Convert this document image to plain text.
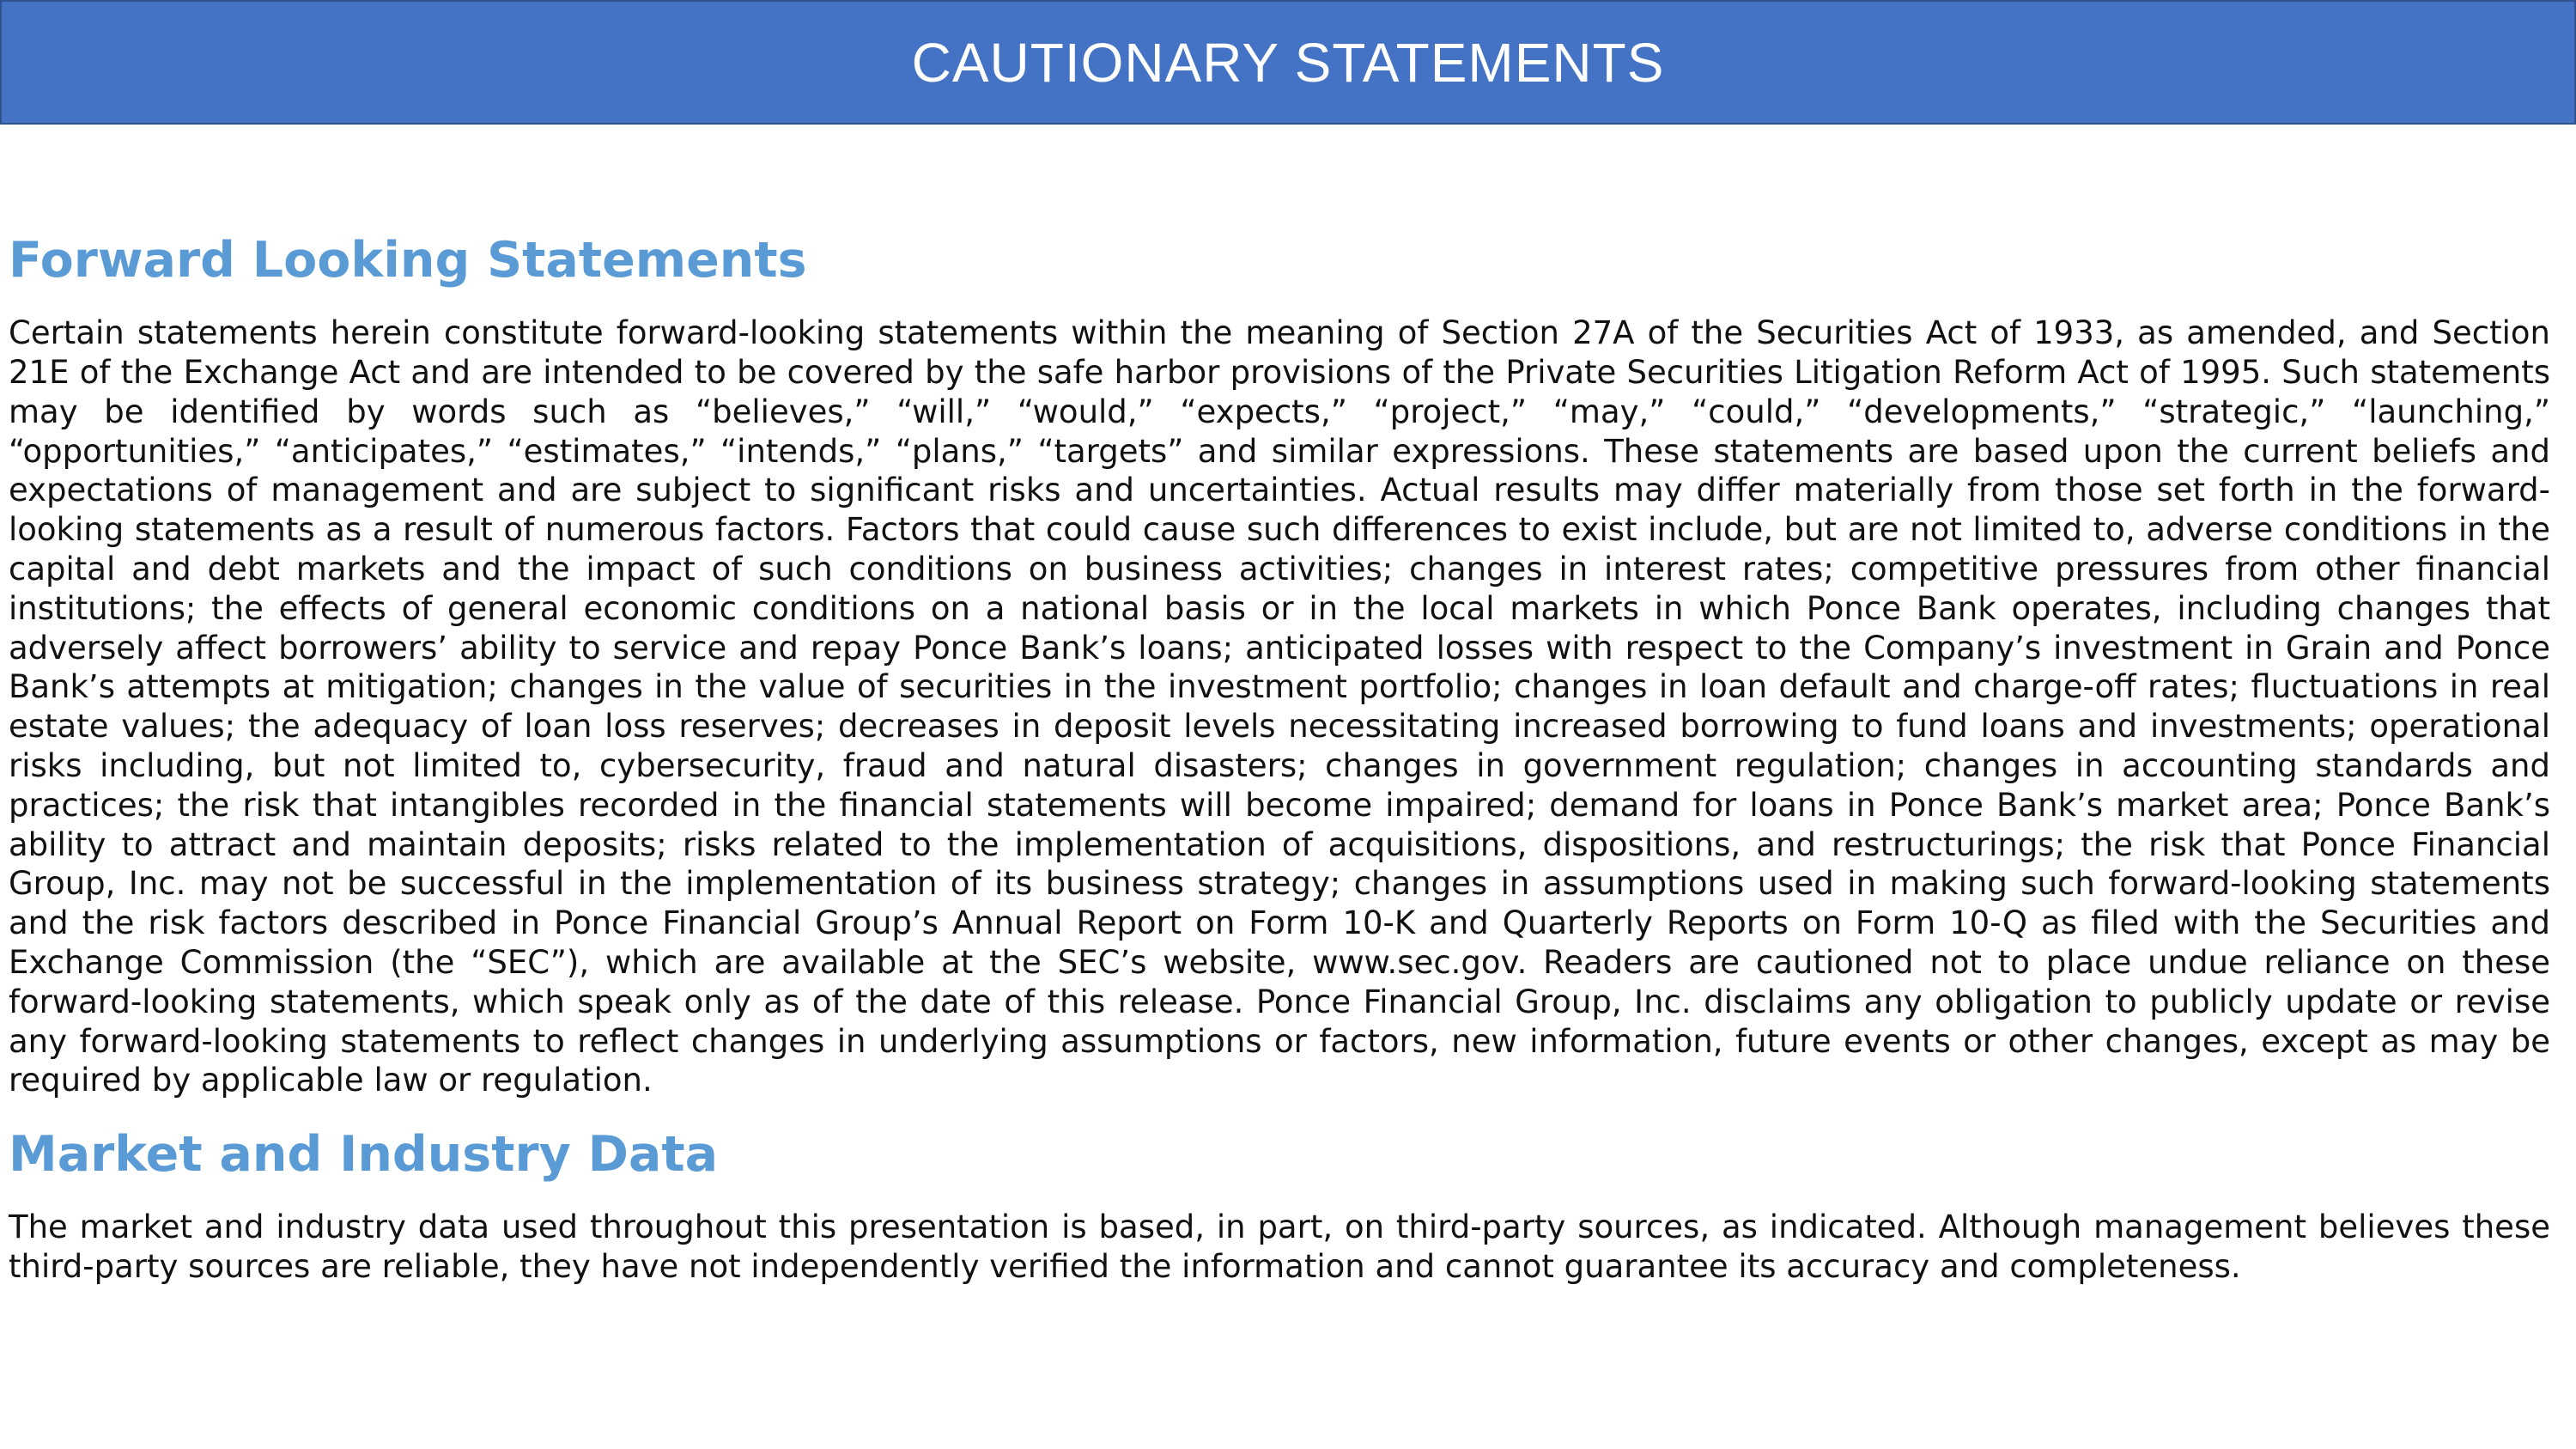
CAUTIONARY STATEMENTS
Forward Looking Statements

Certain statements herein constitute forward-looking statements within the meaning of Section 27A of the Securities Act of 1933, as amended, and Section 21E of the Exchange Act and are intended to be covered by the safe harbor provisions of the Private Securities Litigation Reform Act of 1995. Such statements may be identified by words such as “believes,” “will,” “would,” “expects,” “project,” “may,” “could,” “developments,” “strategic,” “launching,” “opportunities,” “anticipates,” “estimates,” “intends,” “plans,” “targets” and similar expressions. These statements are based upon the current beliefs and expectations of management and are subject to significant risks and uncertainties. Actual results may differ materially from those set forth in the forward-looking statements as a result of numerous factors. Factors that could cause such differences to exist include, but are not limited to, adverse conditions in the capital and debt markets and the impact of such conditions on business activities; changes in interest rates; competitive pressures from other financial institutions; the effects of general economic conditions on a national basis or in the local markets in which Ponce Bank operates, including changes that adversely affect borrowers’ ability to service and repay Ponce Bank’s loans; anticipated losses with respect to the Company’s investment in Grain and Ponce Bank’s attempts at mitigation; changes in the value of securities in the investment portfolio; changes in loan default and charge-off rates; fluctuations in real estate values; the adequacy of loan loss reserves; decreases in deposit levels necessitating increased borrowing to fund loans and investments; operational risks including, but not limited to, cybersecurity, fraud and natural disasters; changes in government regulation; changes in accounting standards and practices; the risk that intangibles recorded in the financial statements will become impaired; demand for loans in Ponce Bank’s market area; Ponce Bank’s ability to attract and maintain deposits; risks related to the implementation of acquisitions, dispositions, and restructurings; the risk that Ponce Financial Group, Inc. may not be successful in the implementation of its business strategy; changes in assumptions used in making such forward-looking statements and the risk factors described in Ponce Financial Group’s Annual Report on Form 10-K and Quarterly Reports on Form 10-Q as filed with the Securities and Exchange Commission (the “SEC”), which are available at the SEC’s website, www.sec.gov. Readers are cautioned not to place undue reliance on these forward-looking statements, which speak only as of the date of this release. Ponce Financial Group, Inc. disclaims any obligation to publicly update or revise any forward-looking statements to reflect changes in underlying assumptions or factors, new information, future events or other changes, except as may be required by applicable law or regulation.

Market and Industry Data

The market and industry data used throughout this presentation is based, in part, on third-party sources, as indicated. Although management believes these third-party sources are reliable, they have not independently verified the information and cannot guarantee its accuracy and completeness.
